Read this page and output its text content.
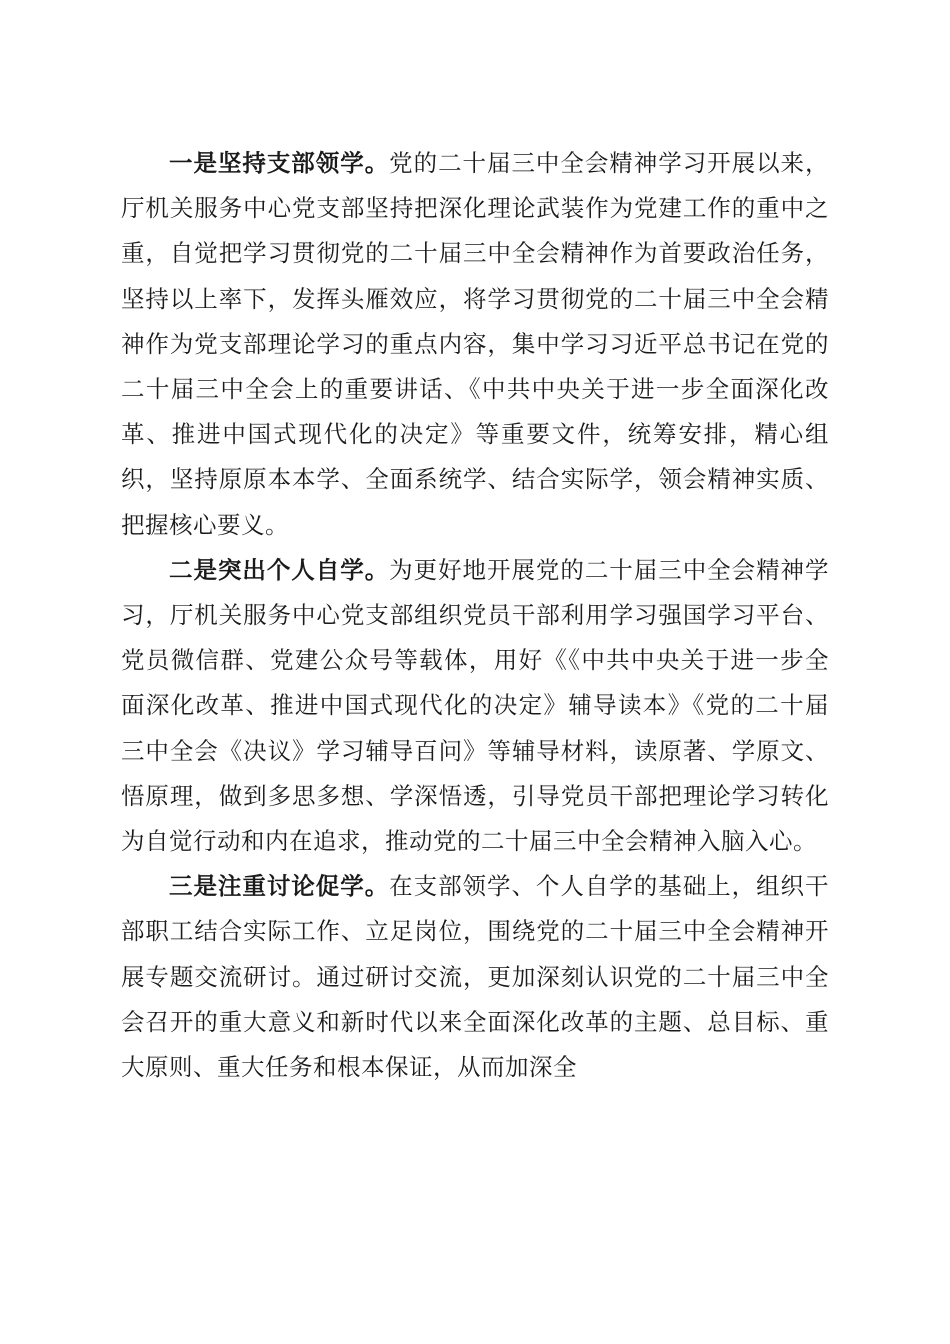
一是坚持支部领学。党的二十届三中全会精神学习开展以来，厅机关服务中心党支部坚持把深化理论武装作为党建工作的重中之重，自觉把学习贯彻党的二十届三中全会精神作为首要政治任务，坚持以上率下，发挥头雁效应，将学习贯彻党的二十届三中全会精神作为党支部理论学习的重点内容，集中学习习近平总书记在党的二十届三中全会上的重要讲话、《中共中央关于进一步全面深化改革、推进中国式现代化的决定》等重要文件，统筹安排，精心组织，坚持原原本本学、全面系统学、结合实际学，领会精神实质、把握核心要义。

二是突出个人自学。为更好地开展党的二十届三中全会精神学习，厅机关服务中心党支部组织党员干部利用学习强国学习平台、党员微信群、党建公众号等载体，用好《《中共中央关于进一步全面深化改革、推进中国式现代化的决定》辅导读本》《党的二十届三中全会《决议》学习辅导百问》等辅导材料，读原著、学原文、悟原理，做到多思多想、学深悟透，引导党员干部把理论学习转化为自觉行动和内在追求，推动党的二十届三中全会精神入脑入心。

三是注重讨论促学。在支部领学、个人自学的基础上，组织干部职工结合实际工作、立足岗位，围绕党的二十届三中全会精神开展专题交流研讨。通过研讨交流，更加深刻认识党的二十届三中全会召开的重大意义和新时代以来全面深化改革的主题、总目标、重大原则、重大任务和根本保证，从而加深全
